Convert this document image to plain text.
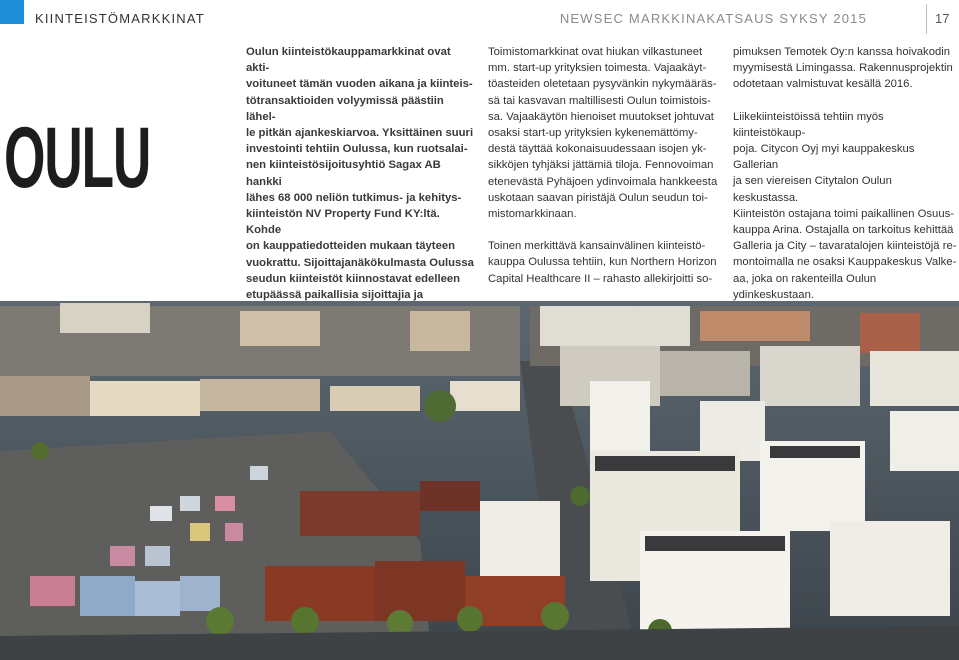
KIINTEISTÖMARKKINAT	NEWSEC MARKKINAKATSAUS SYKSY 2015	17
OULU
Oulun kiinteistökauppamarkkinat ovat akti-
voituneet tämän vuoden aikana ja kiinteis-
tötransaktioiden volyymissä päästiin lähel-
le pitkän ajankeskiarvoa. Yksittäinen suuri
investointi tehtiin Oulussa, kun ruotsalai-
nen kiinteistösijoitusyhtiö Sagax AB hankki
lähes 68 000 neliön tutkimus- ja kehitys-
kiinteistön NV Property Fund KY:ltä. Kohde
on kauppatiedotteiden mukaan täyteen
vuokrattu. Sijoittajanäkökulmasta Oulussa
seudun kiinteistöt kiinnostavat edelleen
etupäässä paikallisia sijoittajia ja

Toimistomarkkinat ovat hiukan vilkastuneet
mm. start-up yrityksien toimesta. Vajaakäyt-
töasteiden oletetaan pysyvänkin nykymääräs-
sä tai kasvavan maltillisesti Oulun toimistois-
sa. Vajaakäytön hienoiset muutokset johtuvat
osaksi start-up yrityksien kykenemättömy-
destä täyttää kokonaisuudessaan isojen yk-
sikköjen tyhjäksi jättämiä tiloja. Fennovoiman
etenevästä Pyhäjoen ydinvoimala hankkeesta
uskotaan saavan piristäjä Oulun seudun toi-
mistomarkkinaan.

Toinen merkittävä kansainvälinen kiinteistö-
kauppa Oulussa tehtiin, kun Northern Horizon
Capital Healthcare II – rahasto allekirjoitti so-

pimuksen Temotek Oy:n kanssa hoivakodin
myymisestä Limingassa. Rakennusprojektin
odotetaan valmistuvat kesällä 2016.

Liikekiinteistöissä tehtiin myös kiinteistökaup-
poja. Citycon Oyj myi kauppakeskus Gallerian
ja sen viereisen Citytalon Oulun keskustassa.
Kiinteistön ostajana toimi paikallinen Osuus-
kauppa Arina. Ostajalla on tarkoitus kehittää
Galleria ja City – tavaratalojen kiinteistöjä re-
montoimalla ne osaksi Kauppakeskus Valke-
aa, joka on rakenteilla Oulun ydinkeskustaan.
